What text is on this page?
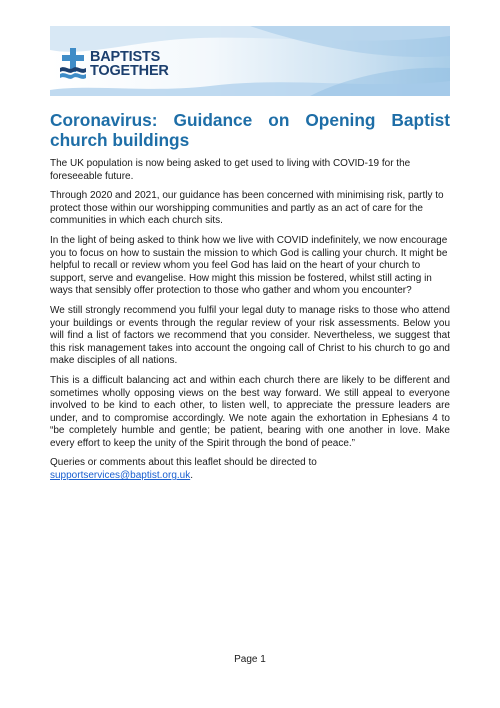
BAPTISTS
TOGETHER
Coronavirus: Guidance on Opening Baptist church buildings

The UK population is now being asked to get used to living with COVID-19 for the foreseeable future.

Through 2020 and 2021, our guidance has been concerned with minimising risk, partly to protect those within our worshipping communities and partly as an act of care for the communities in which each church sits.

In the light of being asked to think how we live with COVID indefinitely, we now encourage you to focus on how to sustain the mission to which God is calling your church. It might be helpful to recall or review whom you feel God has laid on the heart of your church to support, serve and evangelise. How might this mission be fostered, whilst still acting in ways that sensibly offer protection to those who gather and whom you encounter?

We still strongly recommend you fulfil your legal duty to manage risks to those who attend your buildings or events through the regular review of your risk assessments. Below you will find a list of factors we recommend that you consider. Nevertheless, we suggest that this risk management takes into account the ongoing call of Christ to his church to go and make disciples of all nations.

This is a difficult balancing act and within each church there are likely to be different and sometimes wholly opposing views on the best way forward. We still appeal to everyone involved to be kind to each other, to listen well, to appreciate the pressure leaders are under, and to compromise accordingly. We note again the exhortation in Ephesians 4 to “be completely humble and gentle; be patient, bearing with one another in love. Make every effort to keep the unity of the Spirit through the bond of peace.”

Queries or comments about this leaflet should be directed to supportservices@baptist.org.uk.

Page 1
